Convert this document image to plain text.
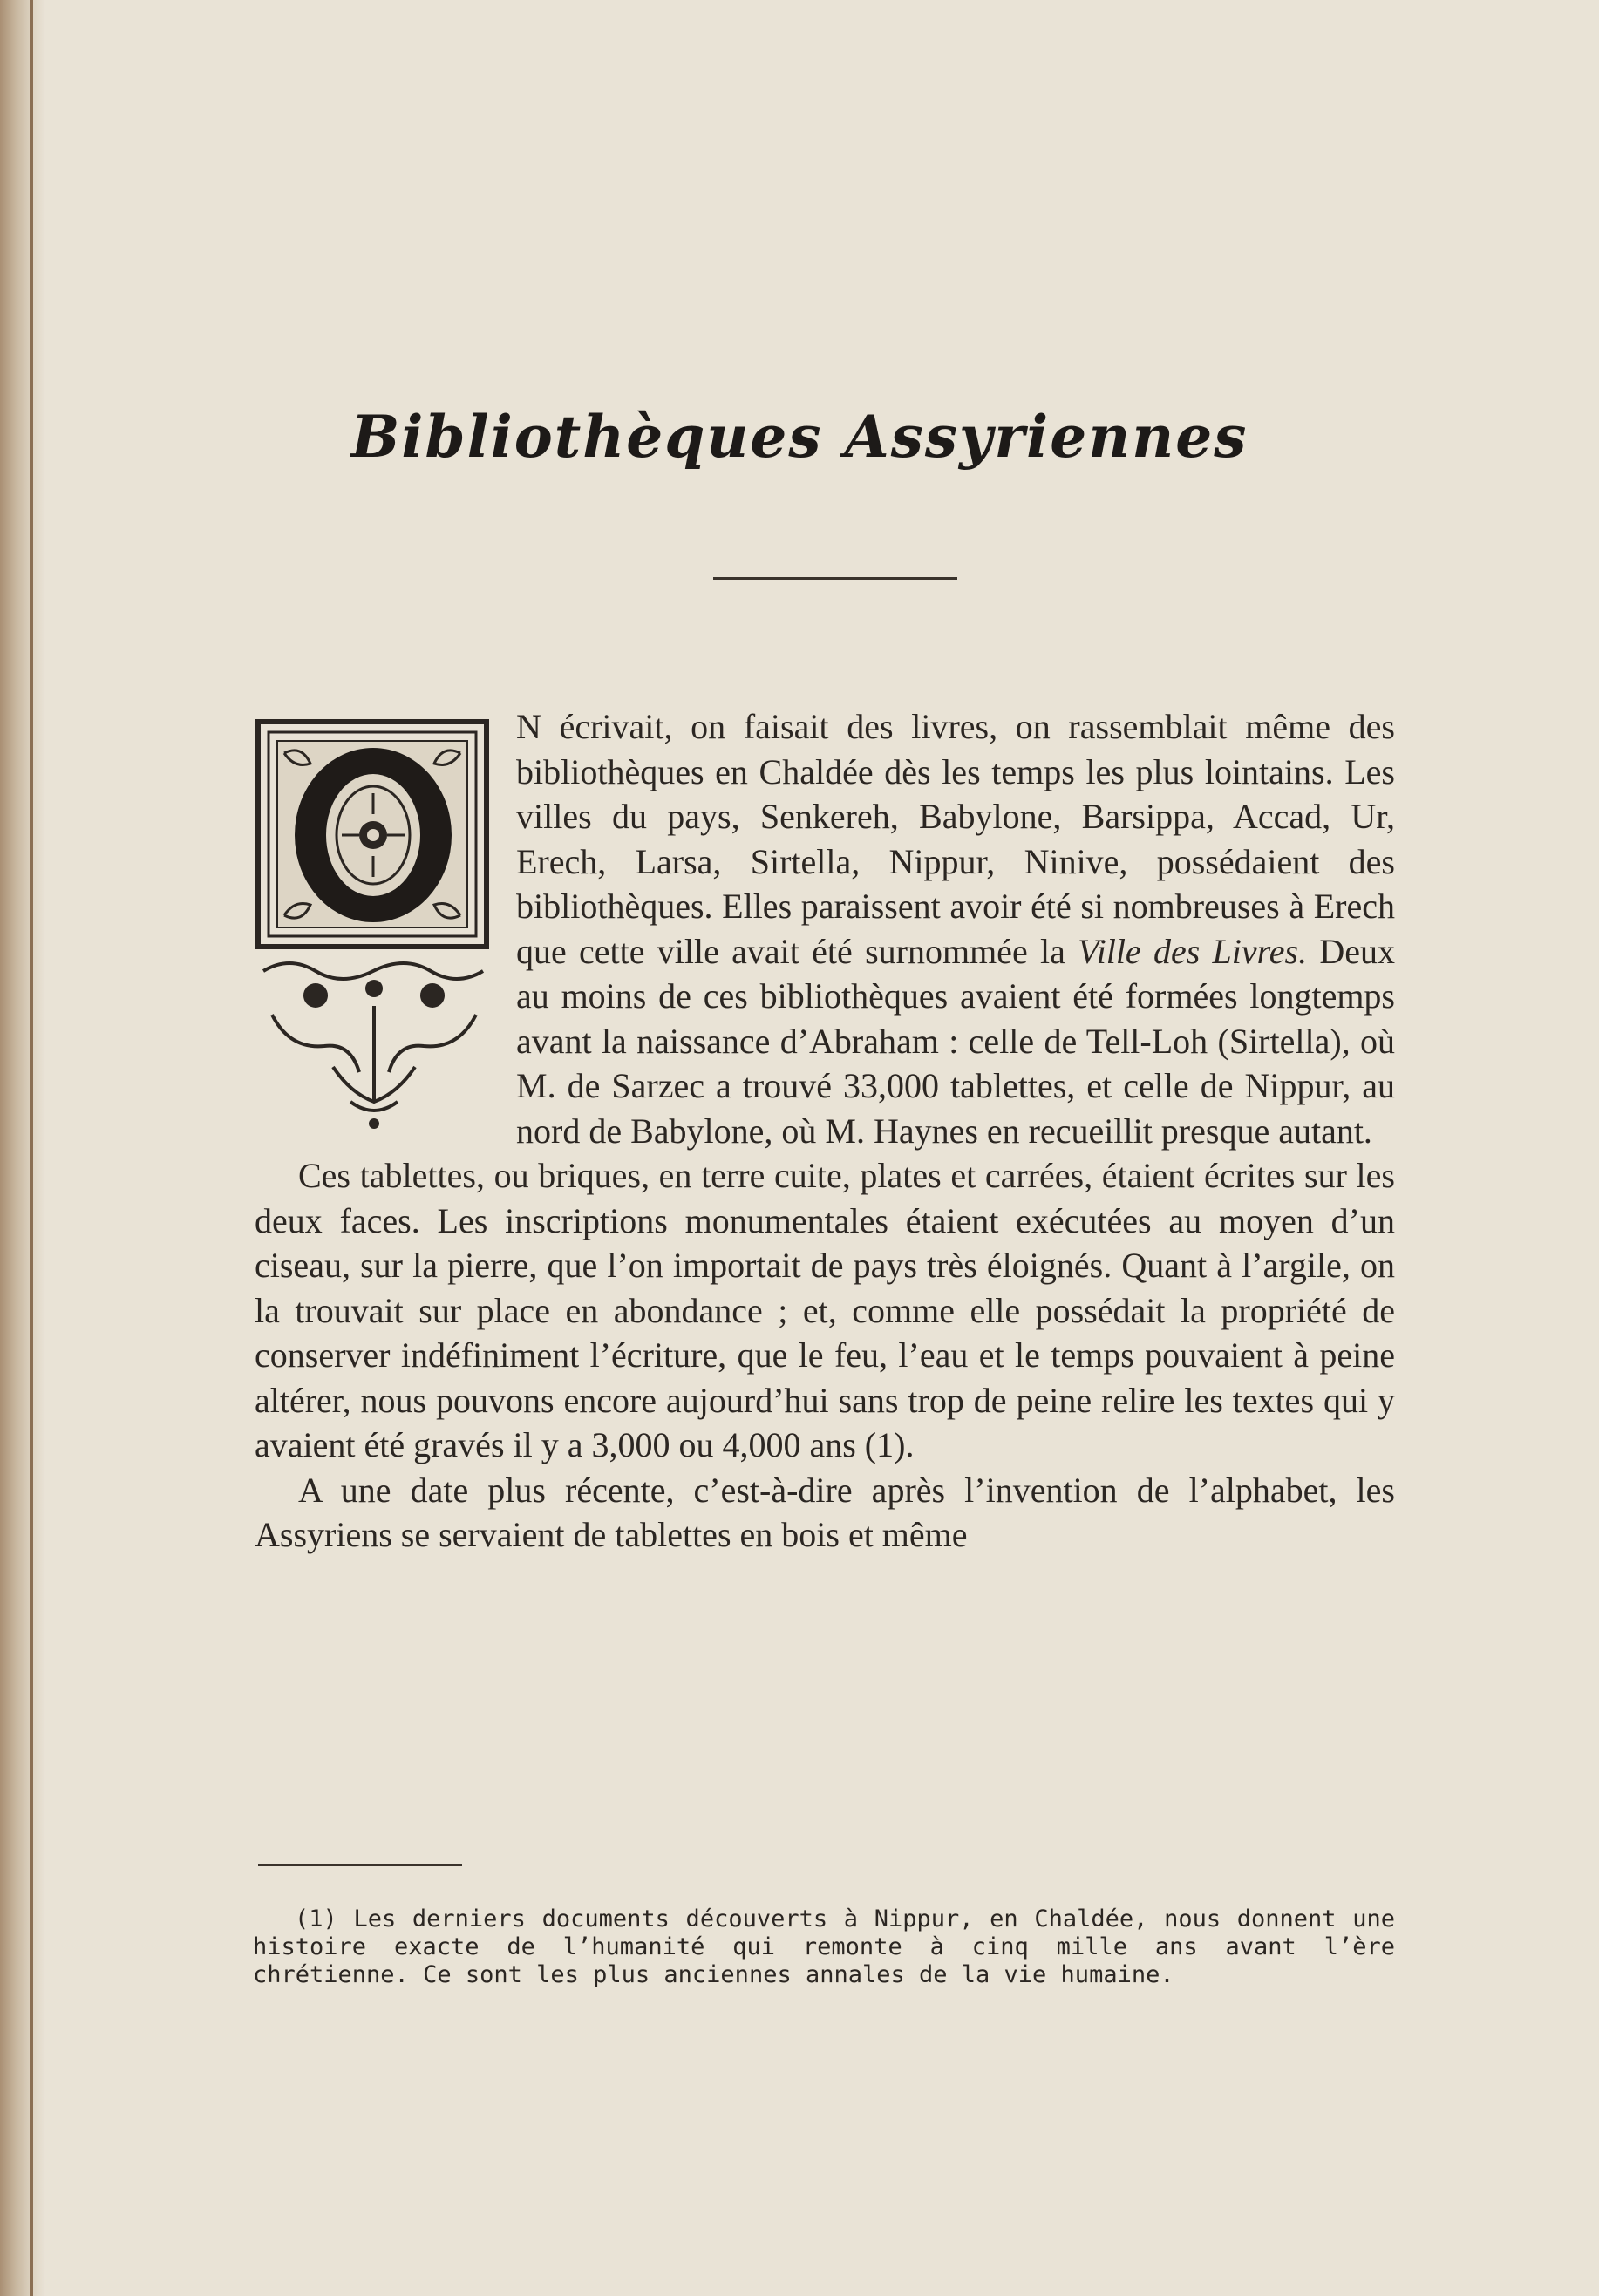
Bibliothèques Assyriennes

N écrivait, on faisait des livres, on rassemblait même des bibliothèques en Chaldée dès les temps les plus lointains. Les villes du pays, Senkereh, Babylone, Barsippa, Accad, Ur, Erech, Larsa, Sirtella, Nippur, Ninive, possédaient des bibliothèques. Elles paraissent avoir été si nombreuses à Erech que cette ville avait été surnommée la Ville des Livres. Deux au moins de ces bibliothèques avaient été formées longtemps avant la naissance d’Abraham : celle de Tell-Loh (Sirtella), où M. de Sarzec a trouvé 33,000 tablettes, et celle de Nippur, au nord de Babylone, où M. Haynes en recueillit presque autant.

Ces tablettes, ou briques, en terre cuite, plates et carrées, étaient écrites sur les deux faces. Les inscriptions monumentales étaient exécutées au moyen d’un ciseau, sur la pierre, que l’on importait de pays très éloignés. Quant à l’argile, on la trouvait sur place en abondance ; et, comme elle possédait la propriété de conserver indéfiniment l’écriture, que le feu, l’eau et le temps pouvaient à peine altérer, nous pouvons encore aujourd’hui sans trop de peine relire les textes qui y avaient été gravés il y a 3,000 ou 4,000 ans (1).

A une date plus récente, c’est-à-dire après l’invention de l’alphabet, les Assyriens se servaient de tablettes en bois et même

(1) Les derniers documents découverts à Nippur, en Chaldée, nous donnent une histoire exacte de l’humanité qui remonte à cinq mille ans avant l’ère chrétienne. Ce sont les plus anciennes annales de la vie humaine.
